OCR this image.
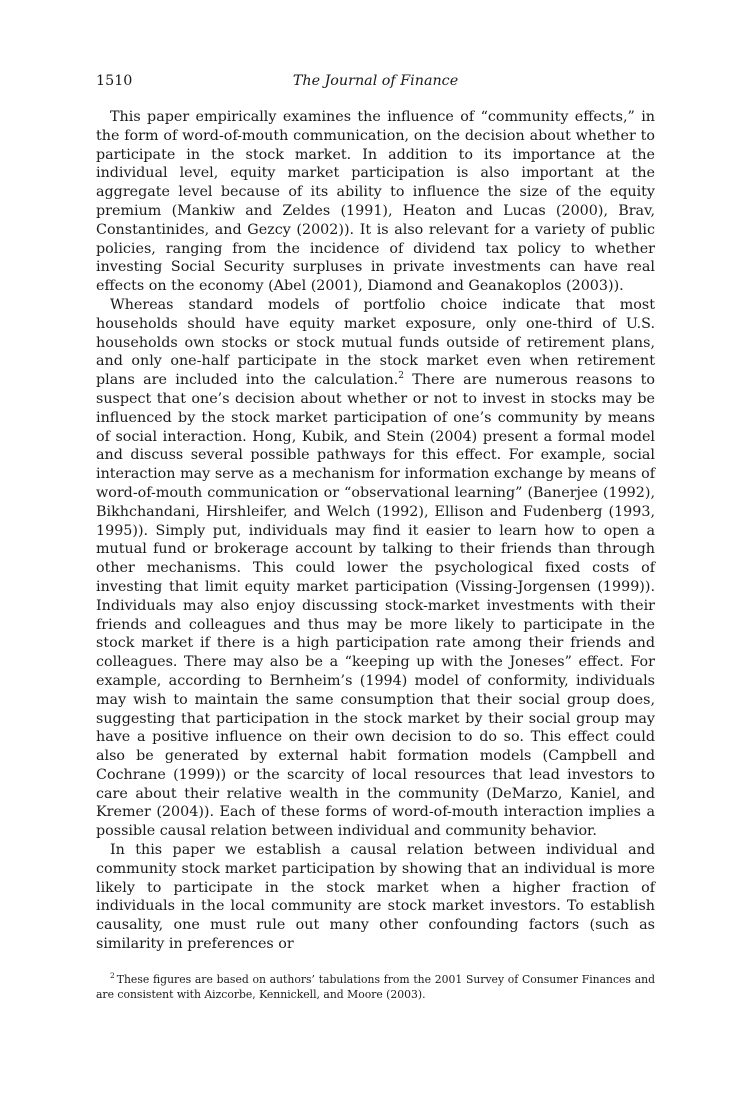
1510	The Journal of Finance

This paper empirically examines the influence of “community effects,” in the form of word-of-mouth communication, on the decision about whether to participate in the stock market. In addition to its importance at the individual level, equity market participation is also important at the aggregate level because of its ability to influence the size of the equity premium (Mankiw and Zeldes (1991), Heaton and Lucas (2000), Brav, Constantinides, and Gezcy (2002)). It is also relevant for a variety of public policies, ranging from the incidence of dividend tax policy to whether investing Social Security surpluses in private investments can have real effects on the economy (Abel (2001), Diamond and Geanakoplos (2003)).

Whereas standard models of portfolio choice indicate that most households should have equity market exposure, only one-third of U.S. households own stocks or stock mutual funds outside of retirement plans, and only one-half participate in the stock market even when retirement plans are included into the calculation.$^2$ There are numerous reasons to suspect that one’s decision about whether or not to invest in stocks may be influenced by the stock market participation of one’s community by means of social interaction. Hong, Kubik, and Stein (2004) present a formal model and discuss several possible pathways for this effect. For example, social interaction may serve as a mechanism for information exchange by means of word-of-mouth communication or “observational learning” (Banerjee (1992), Bikhchandani, Hirshleifer, and Welch (1992), Ellison and Fudenberg (1993, 1995)). Simply put, individuals may find it easier to learn how to open a mutual fund or brokerage account by talking to their friends than through other mechanisms. This could lower the psychological fixed costs of investing that limit equity market participation (Vissing-Jorgensen (1999)). Individuals may also enjoy discussing stock-market investments with their friends and colleagues and thus may be more likely to participate in the stock market if there is a high participation rate among their friends and colleagues. There may also be a “keeping up with the Joneses” effect. For example, according to Bernheim’s (1994) model of conformity, individuals may wish to maintain the same consumption that their social group does, suggesting that participation in the stock market by their social group may have a positive influence on their own decision to do so. This effect could also be generated by external habit formation models (Campbell and Cochrane (1999)) or the scarcity of local resources that lead investors to care about their relative wealth in the community (DeMarzo, Kaniel, and Kremer (2004)). Each of these forms of word-of-mouth interaction implies a possible causal relation between individual and community behavior.

In this paper we establish a causal relation between individual and community stock market participation by showing that an individual is more likely to participate in the stock market when a higher fraction of individuals in the local community are stock market investors. To establish causality, one must rule out many other confounding factors (such as similarity in preferences or

$^2$ These figures are based on authors’ tabulations from the 2001 Survey of Consumer Finances and are consistent with Aizcorbe, Kennickell, and Moore (2003).
